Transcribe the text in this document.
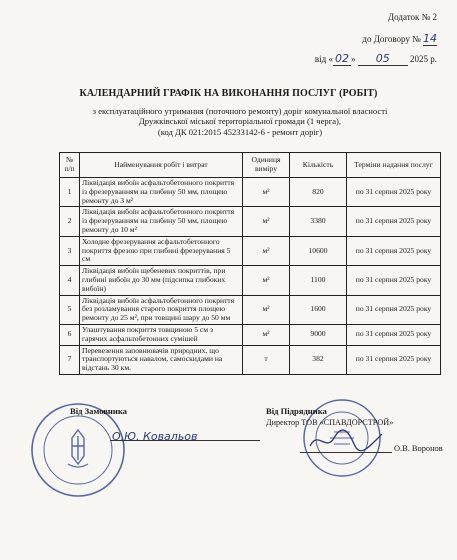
Додаток № 2
до Договору № 14
від « 02 » 05 2025 р.
КАЛЕНДАРНИЙ ГРАФІК НА ВИКОНАННЯ ПОСЛУГ (РОБІТ)
з експлуатаційного утримання (поточного ремонту) доріг комунальної власності
Дружківської міської територіальної громади (1 черга),
(код ДК 021:2015 45233142-6 - ремонт доріг)
№ п/п	Найменування робіт і витрат	Одиниця виміру	Кількість	Терміни надання послуг
1	Ліквідація вибоїн асфальтобетонного покриття із фрезеруванням на глибину 50 мм, площею ремонту до 3 м²	м²	820	по 31 серпня 2025 року
2	Ліквідація вибоїн асфальтобетонного покриття із фрезеруванням на глибину 50 мм, площею ремонту до 10 м²	м²	3380	по 31 серпня 2025 року
3	Холодне фрезерування асфальтобетонного покриття фрезою при глибині фрезерування 5 см	м²	10600	по 31 серпня 2025 року
4	Ліквідація вибоїн щебеневих покриттів, при глибині вибоїн до 30 мм (підсипка глибоких вибоїн)	м²	1100	по 31 серпня 2025 року
5	Ліквідація вибоїн асфальтобетонного покриття без розламування старого покриття площею ремонту до 25 м², при товщині шару до 50 мм	м²	1600	по 31 серпня 2025 року
6	Улаштування покриття товщиною 5 см з гарячих асфальтобетонних сумішей	м²	9000	по 31 серпня 2025 року
7	Перевезення заповнювачів природних, що транспортуються навалом, самоскидами на відстань 30 км.	т	382	по 31 серпня 2025 року
Від Замовника
О.Ю. Ковальов
Від Підрядника
Директор ТОВ «СПАВДОРСТРОЙ»
О.В. Воронов
